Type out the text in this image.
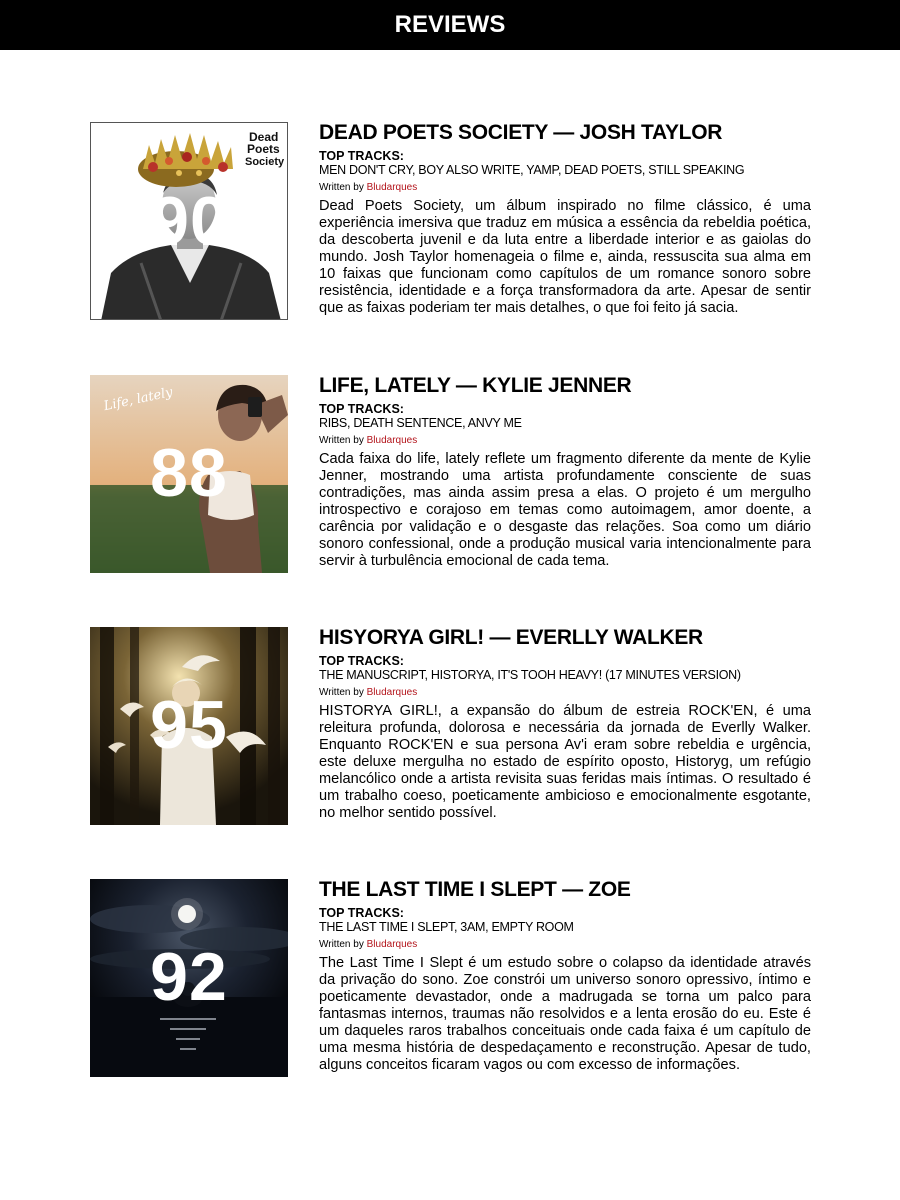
REVIEWS
Dead
Poets
Society
90
DEAD POETS SOCIETY — JOSH TAYLOR
TOP TRACKS:
MEN DON'T CRY, BOY ALSO WRITE, YAMP, DEAD POETS, STILL SPEAKING
Written by Bludarques
Dead Poets Society, um álbum inspirado no filme clássico, é uma experiência imersiva que traduz em música a essência da rebeldia poética, da descoberta juvenil e da luta entre a liberdade interior e as gaiolas do mundo. Josh Taylor homenageia o filme e, ainda, ressuscita sua alma em 10 faixas que funcionam como capítulos de um romance sonoro sobre resistência, identidade e a força transformadora da arte. Apesar de sentir que as faixas poderiam ter mais detalhes, o que foi feito já sacia.
Life, lately
88
LIFE, LATELY — KYLIE JENNER
TOP TRACKS:
RIBS, DEATH SENTENCE, ANVY ME
Written by Bludarques
Cada faixa do life, lately reflete um fragmento diferente da mente de Kylie Jenner, mostrando uma artista profundamente consciente de suas contradições, mas ainda assim presa a elas. O projeto é um mergulho introspectivo e corajoso em temas como autoimagem, amor doente, a carência por validação e o desgaste das relações. Soa como um diário sonoro confessional, onde a produção musical varia intencionalmente para servir à turbulência emocional de cada tema.
95
HISYORYA GIRL! — EVERLLY WALKER
TOP TRACKS:
THE MANUSCRIPT, HISTORYA, IT'S TOOH HEAVY! (17 MINUTES VERSION)
Written by Bludarques
HISTORYA GIRL!, a expansão do álbum de estreia ROCK'EN, é uma releitura profunda, dolorosa e necessária da jornada de Everlly Walker. Enquanto ROCK'EN e sua persona Av'i eram sobre rebeldia e urgência, este deluxe mergulha no estado de espírito oposto, Historyg, um refúgio melancólico onde a artista revisita suas feridas mais íntimas. O resultado é um trabalho coeso, poeticamente ambicioso e emocionalmente esgotante, no melhor sentido possível.
92
THE LAST TIME I SLEPT — ZOE
TOP TRACKS:
THE LAST TIME I SLEPT, 3AM, EMPTY ROOM
Written by Bludarques
The Last Time I Slept é um estudo sobre o colapso da identidade através da privação do sono. Zoe constrói um universo sonoro opressivo, íntimo e poeticamente devastador, onde a madrugada se torna um palco para fantasmas internos, traumas não resolvidos e a lenta erosão do eu. Este é um daqueles raros trabalhos conceituais onde cada faixa é um capítulo de uma mesma história de despedaçamento e reconstrução. Apesar de tudo, alguns conceitos ficaram vagos ou com excesso de informações.
